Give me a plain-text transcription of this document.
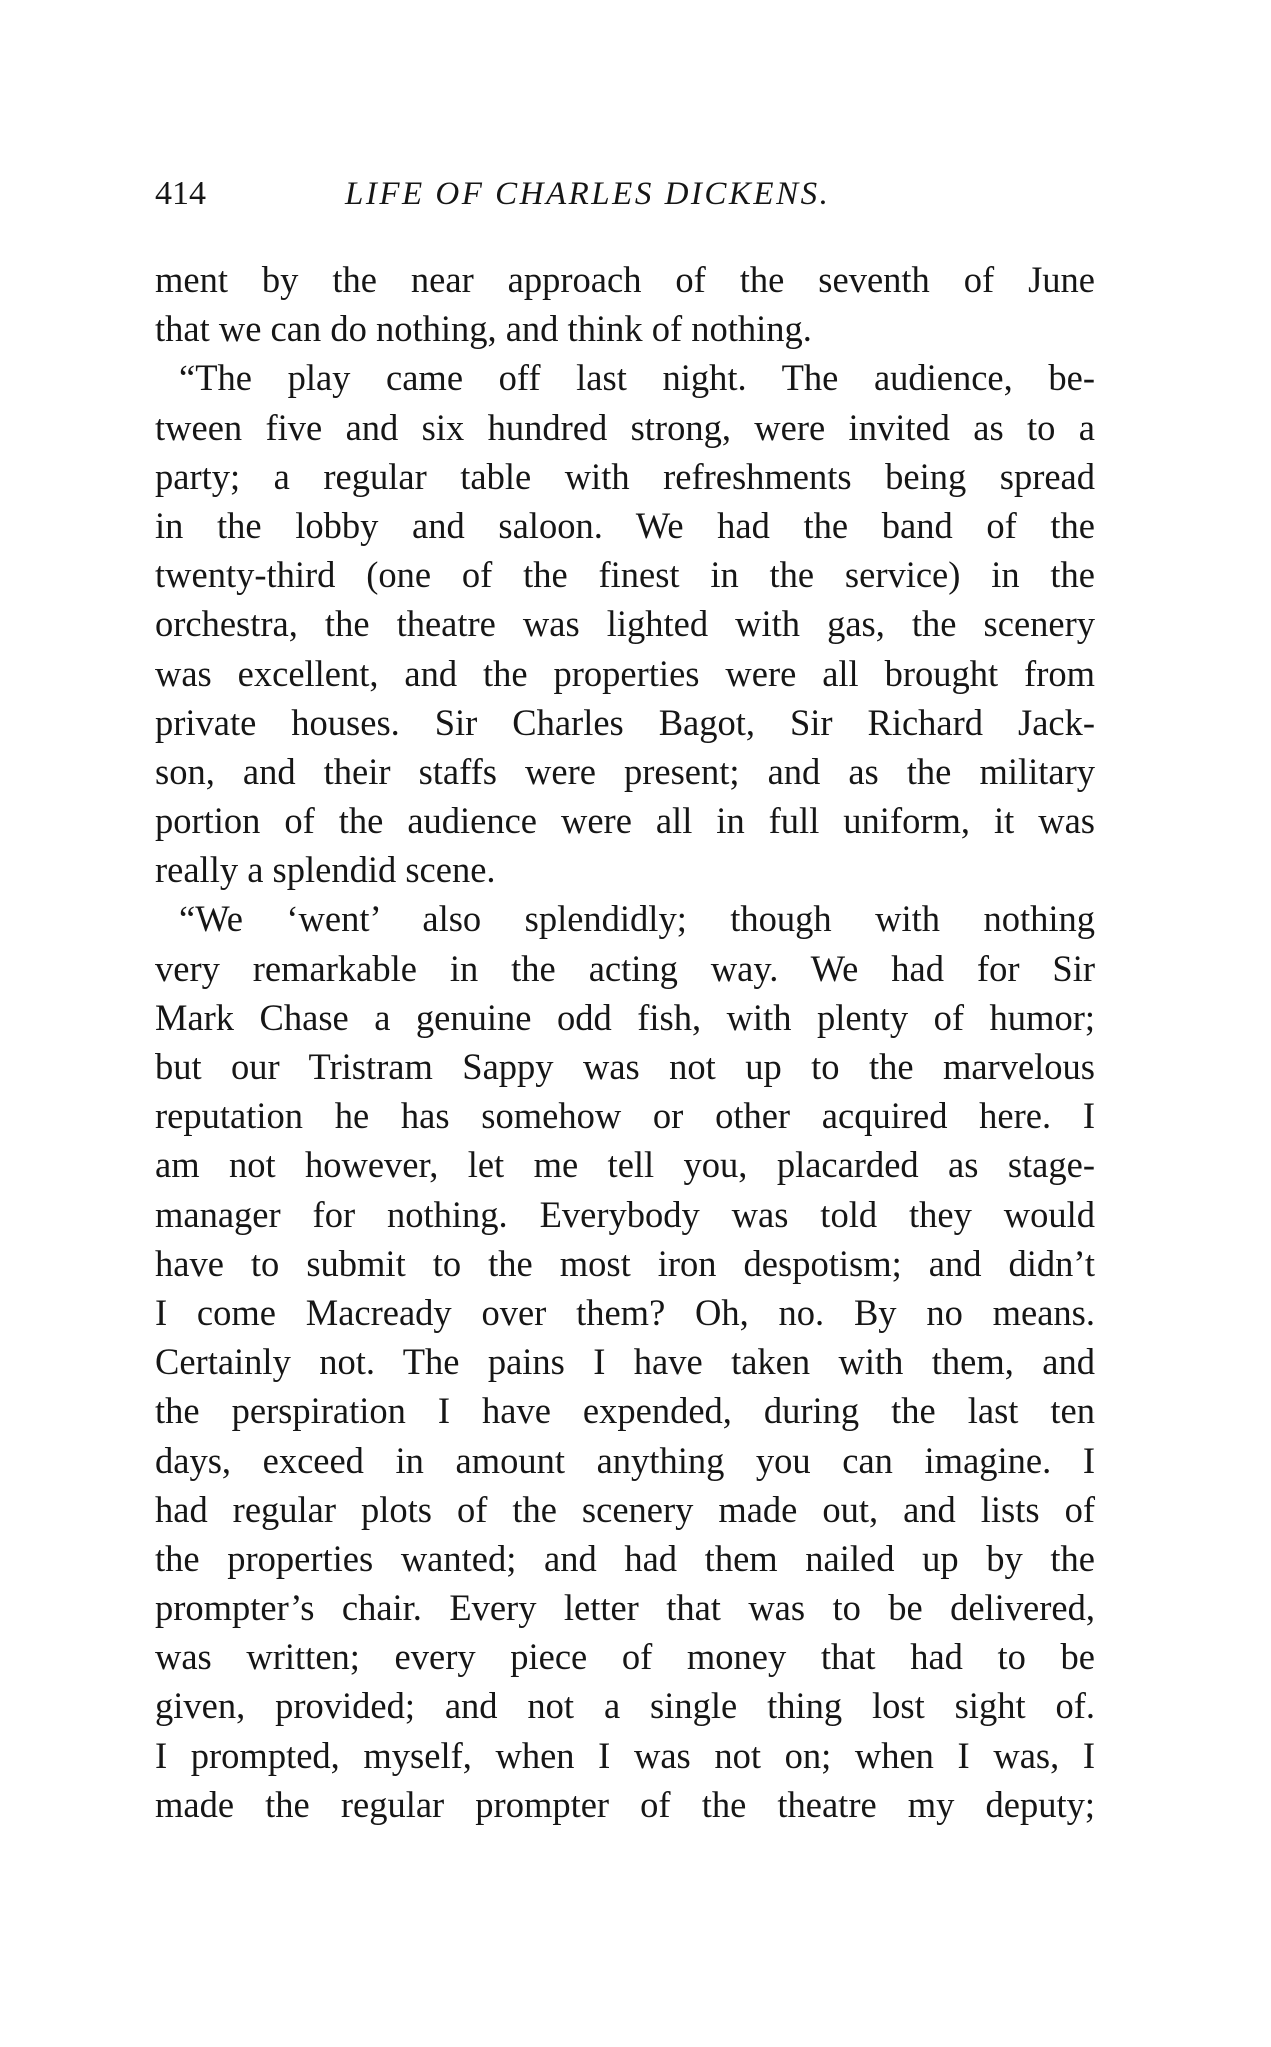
414	LIFE OF CHARLES DICKENS.
ment by the near approach of the seventh of June
that we can do nothing, and think of nothing.
“The play came off last night. The audience, be-
tween five and six hundred strong, were invited as to a
party; a regular table with refreshments being spread
in the lobby and saloon. We had the band of the
twenty-third (one of the finest in the service) in the
orchestra, the theatre was lighted with gas, the scenery
was excellent, and the properties were all brought from
private houses. Sir Charles Bagot, Sir Richard Jack-
son, and their staffs were present; and as the military
portion of the audience were all in full uniform, it was
really a splendid scene.
“We ‘went’ also splendidly; though with nothing
very remarkable in the acting way. We had for Sir
Mark Chase a genuine odd fish, with plenty of humor;
but our Tristram Sappy was not up to the marvelous
reputation he has somehow or other acquired here. I
am not however, let me tell you, placarded as stage-
manager for nothing. Everybody was told they would
have to submit to the most iron despotism; and didn’t
I come Macready over them? Oh, no. By no means.
Certainly not. The pains I have taken with them, and
the perspiration I have expended, during the last ten
days, exceed in amount anything you can imagine. I
had regular plots of the scenery made out, and lists of
the properties wanted; and had them nailed up by the
prompter’s chair. Every letter that was to be delivered,
was written; every piece of money that had to be
given, provided; and not a single thing lost sight of.
I prompted, myself, when I was not on; when I was, I
made the regular prompter of the theatre my deputy;
